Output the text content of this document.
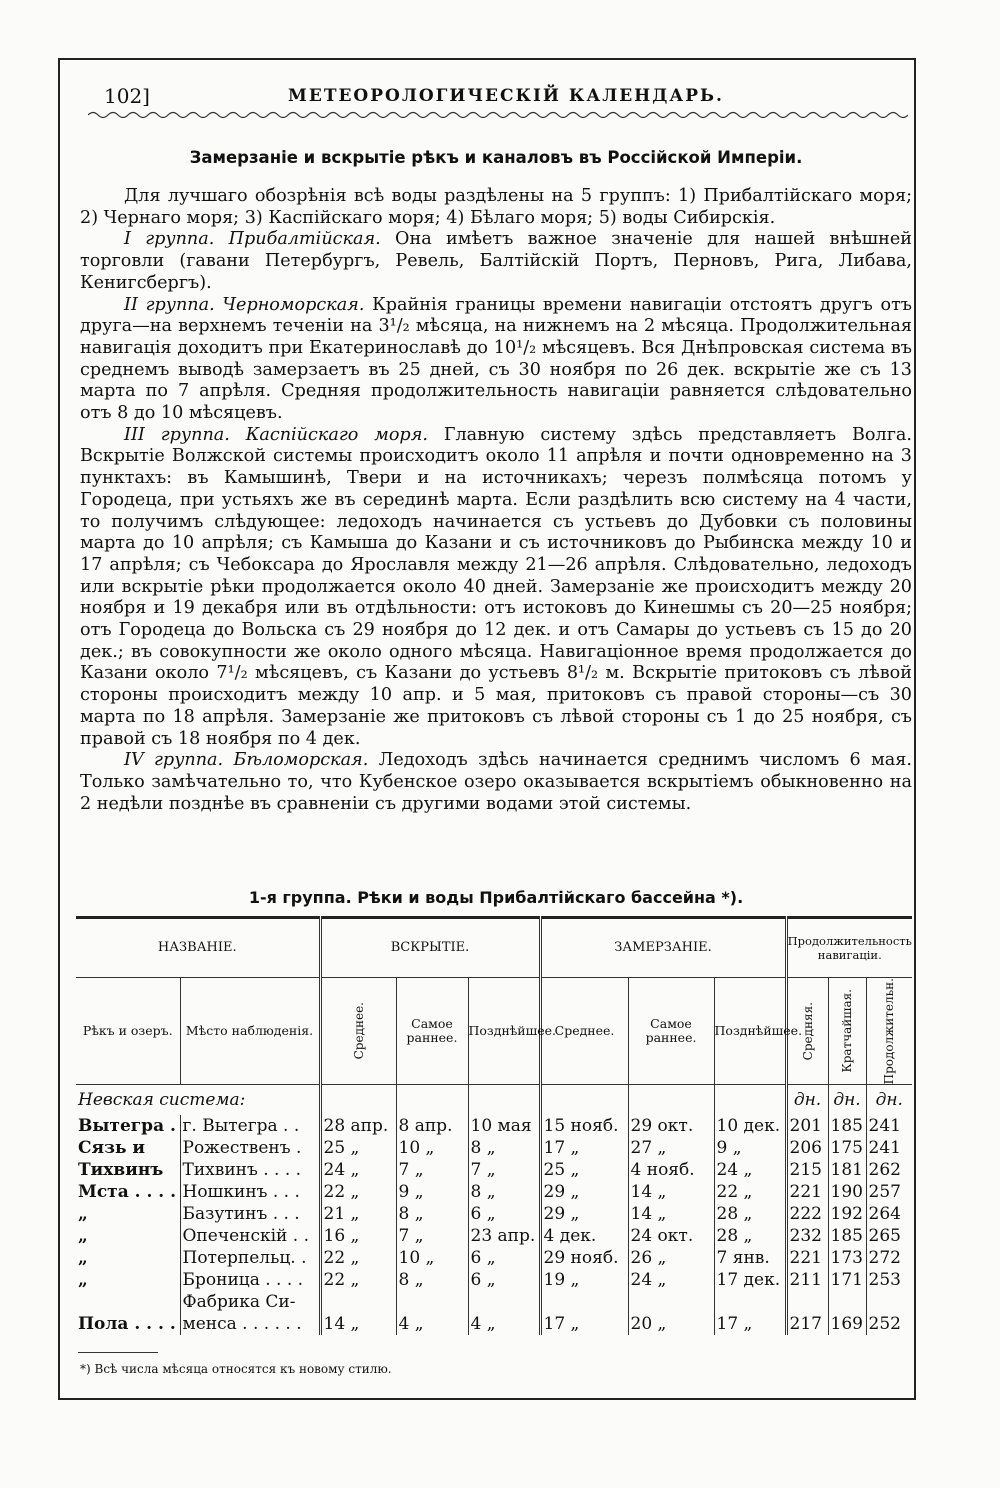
102]	МЕТЕОРОЛОГИЧЕСКІЙ КАЛЕНДАРЬ.
Замерзаніе и вскрытіе рѣкъ и каналовъ въ Россійской Имперіи.

Для лучшаго обозрѣнія всѣ воды раздѣлены на 5 группъ: 1) Прибалтійскаго моря; 2) Чернаго моря; 3) Каспійскаго моря; 4) Бѣлаго моря; 5) воды Сибирскія.

I группа. Прибалтійская. Она имѣетъ важное значеніе для нашей внѣшней торговли (гавани Петербургъ, Ревель, Балтійскій Портъ, Перновъ, Рига, Либава, Кенигсбергъ).

II группа. Черноморская. Крайнія границы времени навигаціи отстоятъ другъ отъ друга—на верхнемъ теченіи на 3¹/₂ мѣсяца, на нижнемъ на 2 мѣсяца. Продолжительная навигація доходитъ при Екатеринославѣ до 10¹/₂ мѣсяцевъ. Вся Днѣпровская система въ среднемъ выводѣ замерзаетъ въ 25 дней, съ 30 ноября по 26 дек. вскрытіе же съ 13 марта по 7 апрѣля. Средняя продолжительность навигаціи равняется слѣдовательно отъ 8 до 10 мѣсяцевъ.

III группа. Каспійскаго моря. Главную систему здѣсь представляетъ Волга. Вскрытіе Волжской системы происходитъ около 11 апрѣля и почти одновременно на 3 пунктахъ: въ Камышинѣ, Твери и на источникахъ; черезъ полмѣсяца потомъ у Городеца, при устьяхъ же въ серединѣ марта. Если раздѣлить всю систему на 4 части, то получимъ слѣдующее: ледоходъ начинается съ устьевъ до Дубовки съ половины марта до 10 апрѣля; съ Камыша до Казани и съ источниковъ до Рыбинска между 10 и 17 апрѣля; съ Чебоксара до Ярославля между 21—26 апрѣля. Слѣдовательно, ледоходъ или вскрытіе рѣки продолжается около 40 дней. Замерзаніе же происходитъ между 20 ноября и 19 декабря или въ отдѣльности: отъ истоковъ до Кинешмы съ 20—25 ноября; отъ Городеца до Вольска съ 29 ноября до 12 дек. и отъ Самары до устьевъ съ 15 до 20 дек.; въ совокупности же около одного мѣсяца. Навигаціонное время продолжается до Казани около 7¹/₂ мѣсяцевъ, съ Казани до устьевъ 8¹/₂ м. Вскрытіе притоковъ съ лѣвой стороны происходитъ между 10 апр. и 5 мая, притоковъ съ правой стороны—съ 30 марта по 18 апрѣля. Замерзаніе же притоковъ съ лѣвой стороны съ 1 до 25 ноября, съ правой съ 18 ноября по 4 дек.

IV группа. Бѣломорская. Ледоходъ здѣсь начинается среднимъ числомъ 6 мая. Только замѣчательно то, что Кубенское озеро оказывается вскрытіемъ обыкновенно на 2 недѣли позднѣе въ сравненіи съ другими водами этой системы.

1-я группа. Рѣки и воды Прибалтійскаго бассейна *).
НАЗВАНІЕ.		ВСКРЫТІЕ.			ЗАМЕРЗАНІЕ.			Продолжительность навигаціи.		
Рѣкъ и озеръ.	Мѣсто наблюденія.	Среднее.	Самое раннее.	Позднѣйшее.	Среднее.	Самое раннее.	Позднѣйшее.	Средняя.	Кратчайшая.	Продолжительн.

Невская система:								дн.	дн.	дн.
Вытегра .	г. Вытегра . .	28 апр.	8 апр.	10 мая	15 нояб.	29 окт.	10 дек.	201	185	241
Сязь и	Рожественъ .	25 „	10 „	8 „	17 „	27 „	9 „	206	175	241
Тихвинъ	Тихвинъ . . . .	24 „	7 „	7 „	25 „	4 нояб.	24 „	215	181	262
Мста . . . .	Ношкинъ . . .	22 „	9 „	8 „	29 „	14 „	22 „	221	190	257
„	Базутинъ . . .	21 „	8 „	6 „	29 „	14 „	28 „	222	192	264
„	Опеченскій . .	16 „	7 „	23 апр.	4 дек.	24 окт.	28 „	232	185	265
„	Потерпельц. .	22 „	10 „	6 „	29 нояб.	26 „	7 янв.	221	173	272
„	Броница . . . .	22 „	8 „	6 „	19 „	24 „	17 дек.	211	171	253
	Фабрика Си-									
Пола . . . .	менса . . . . . .	14 „	4 „	4 „	17 „	20 „	17 „	217	169	252
*) Всѣ числа мѣсяца относятся къ новому стилю.
